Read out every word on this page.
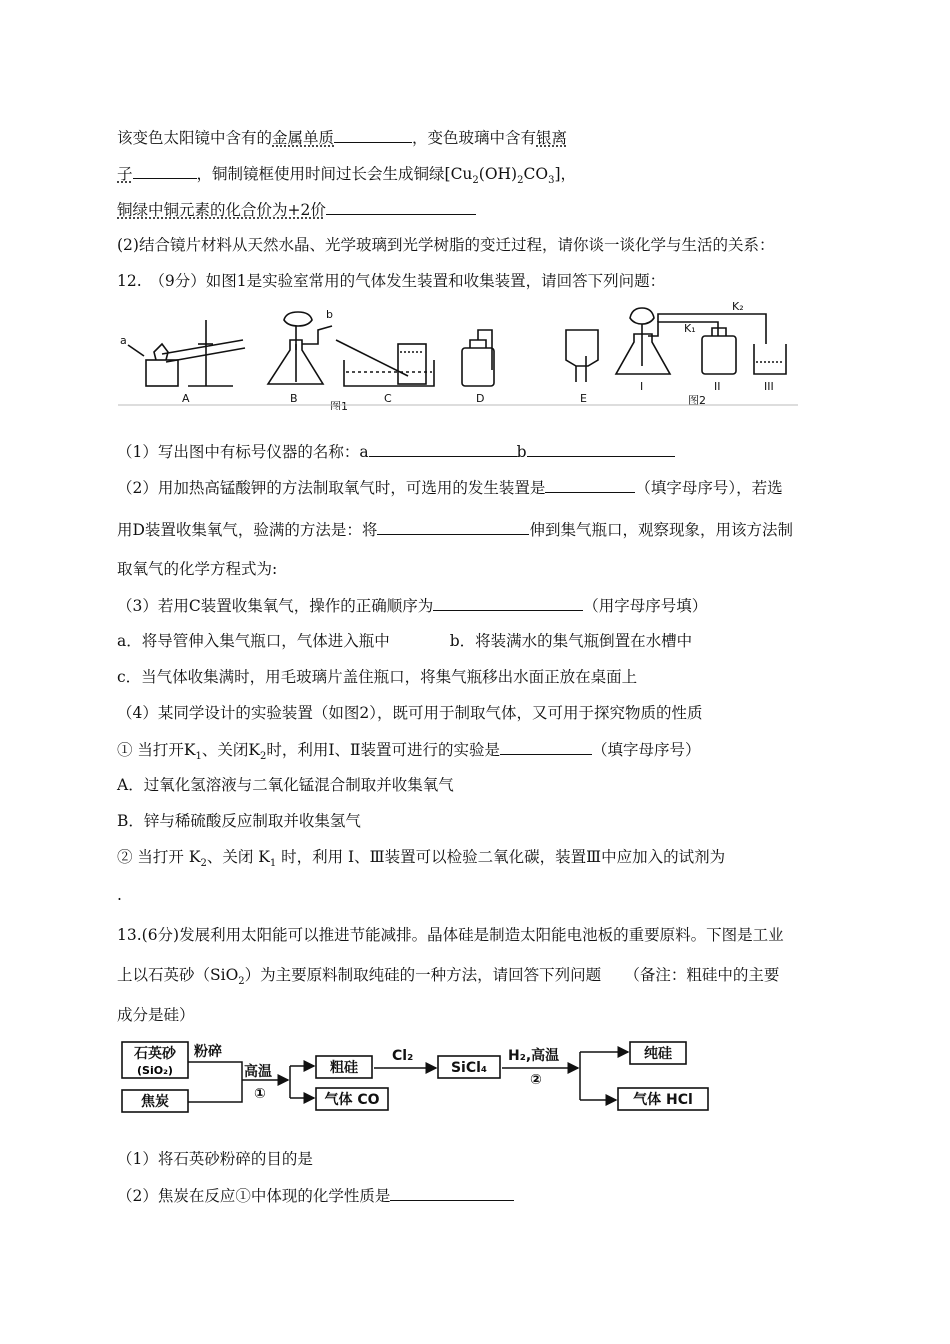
该变色太阳镜中含有的金属单质	，变色玻璃中含有银离
子	，铜制镜框使用时间过长会生成铜绿$[Cu_2(OH)_2CO_3]$，
铜绿中铜元素的化合价为+2价
(2)结合镜片材料从天然水晶、光学玻璃到光学树脂的变迁过程，请你谈一谈化学与生活的关系：
12.　（9分）如图1是实验室常用的气体发生装置和收集装置，请回答下列问题：
a
b
A	B	C	D	E
图1	图2
K₁
K₂
I	II	III
（1）写出图中有标号仪器的名称：a	b
（2）用加热高锰酸钾的方法制取氧气时，可选用的发生装置是	（填字母序号），若选
用D装置收集氧气，验满的方法是：将	伸到集气瓶口，观察现象，用该方法制
取氧气的化学方程式为:
（3）若用C装置收集氧气，操作的正确顺序为	（用字母序号填）
a．将导管伸入集气瓶口，气体进入瓶中	b．将装满水的集气瓶倒置在水槽中
c．当气体收集满时，用毛玻璃片盖住瓶口，将集气瓶移出水面正放在桌面上
（4）某同学设计的实验装置（如图2），既可用于制取气体，又可用于探究物质的性质
① 当打开$K_1$、关闭$K_2$时，利用Ⅰ、Ⅱ装置可进行的实验是	（填字母序号）
A．过氧化氢溶液与二氧化锰混合制取并收集氧气
B．锌与稀硫酸反应制取并收集氢气
② 当打开 $K_2$、关闭 $K_1$ 时，利用 Ⅰ、Ⅲ装置可以检验二氧化碳，装置Ⅲ中应加入的试剂为
.
13.(6分)发展利用太阳能可以推进节能减排。晶体硅是制造太阳能电池板的重要原料。下图是工业
上以石英砂（SiO$_2$）为主要原料制取纯硅的一种方法，请回答下列问题　　（备注：粗硅中的主要
成分是硅）
石英砂
(SiO₂)
粉碎
焦炭
高温
①
粗硅
气体 CO
Cl₂
SiCl₄
H₂,高温
②
纯硅
气体 HCl
（1）将石英砂粉碎的目的是
（2）焦炭在反应①中体现的化学性质是
